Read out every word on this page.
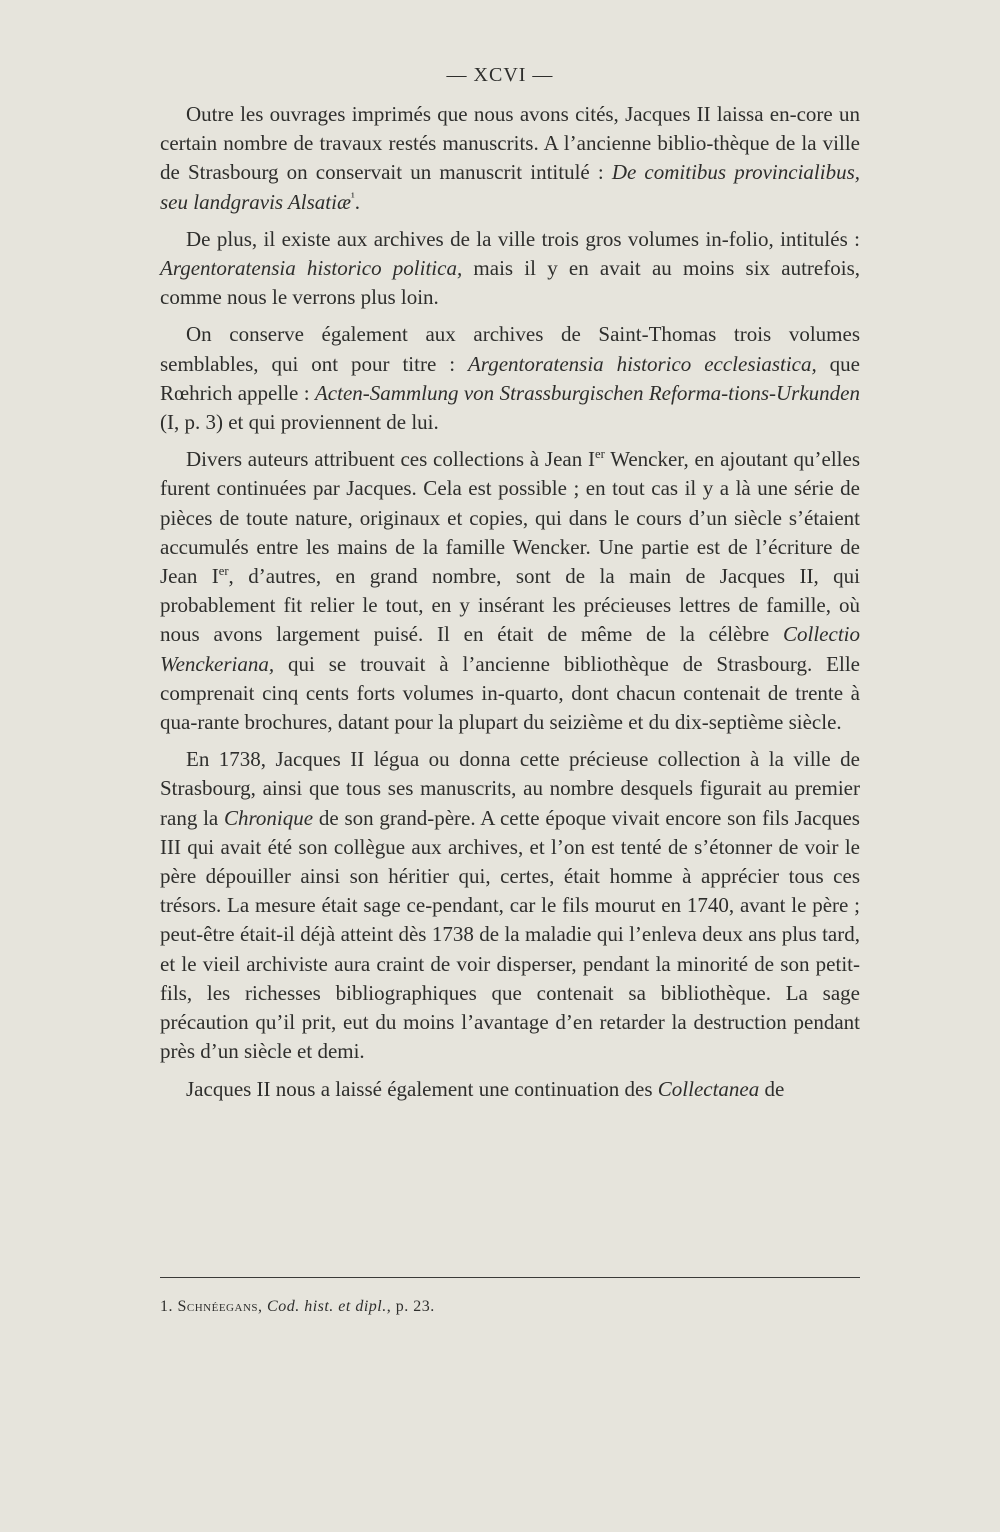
— XCVI —

Outre les ouvrages imprimés que nous avons cités, Jacques II laissa en-core un certain nombre de travaux restés manuscrits. A l’ancienne biblio-thèque de la ville de Strasbourg on conservait un manuscrit intitulé : De comitibus provincialibus, seu landgravis Alsatiæ$^{^1}$.

De plus, il existe aux archives de la ville trois gros volumes in-folio, intitulés : Argentoratensia historico politica, mais il y en avait au moins six autrefois, comme nous le verrons plus loin.

On conserve également aux archives de Saint-Thomas trois volumes semblables, qui ont pour titre : Argentoratensia historico ecclesiastica, que Rœhrich appelle : Acten-Sammlung von Strassburgischen Reforma-tions-Urkunden (I, p. 3) et qui proviennent de lui.

Divers auteurs attribuent ces collections à Jean Ier Wencker, en ajoutant qu’elles furent continuées par Jacques. Cela est possible ; en tout cas il y a là une série de pièces de toute nature, originaux et copies, qui dans le cours d’un siècle s’étaient accumulés entre les mains de la famille Wencker. Une partie est de l’écriture de Jean Ier, d’autres, en grand nombre, sont de la main de Jacques II, qui probablement fit relier le tout, en y insérant les précieuses lettres de famille, où nous avons largement puisé. Il en était de même de la célèbre Collectio Wenckeriana, qui se trouvait à l’ancienne bibliothèque de Strasbourg. Elle comprenait cinq cents forts volumes in-quarto, dont chacun contenait de trente à qua-rante brochures, datant pour la plupart du seizième et du dix-septième siècle.

En 1738, Jacques II légua ou donna cette précieuse collection à la ville de Strasbourg, ainsi que tous ses manuscrits, au nombre desquels figurait au premier rang la Chronique de son grand-père. A cette époque vivait encore son fils Jacques III qui avait été son collègue aux archives, et l’on est tenté de s’étonner de voir le père dépouiller ainsi son héritier qui, certes, était homme à apprécier tous ces trésors. La mesure était sage ce-pendant, car le fils mourut en 1740, avant le père ; peut-être était-il déjà atteint dès 1738 de la maladie qui l’enleva deux ans plus tard, et le vieil archiviste aura craint de voir disperser, pendant la minorité de son petit-fils, les richesses bibliographiques que contenait sa bibliothèque. La sage précaution qu’il prit, eut du moins l’avantage d’en retarder la destruction pendant près d’un siècle et demi.

Jacques II nous a laissé également une continuation des Collectanea de

1. Schnéegans, Cod. hist. et dipl., p. 23.
